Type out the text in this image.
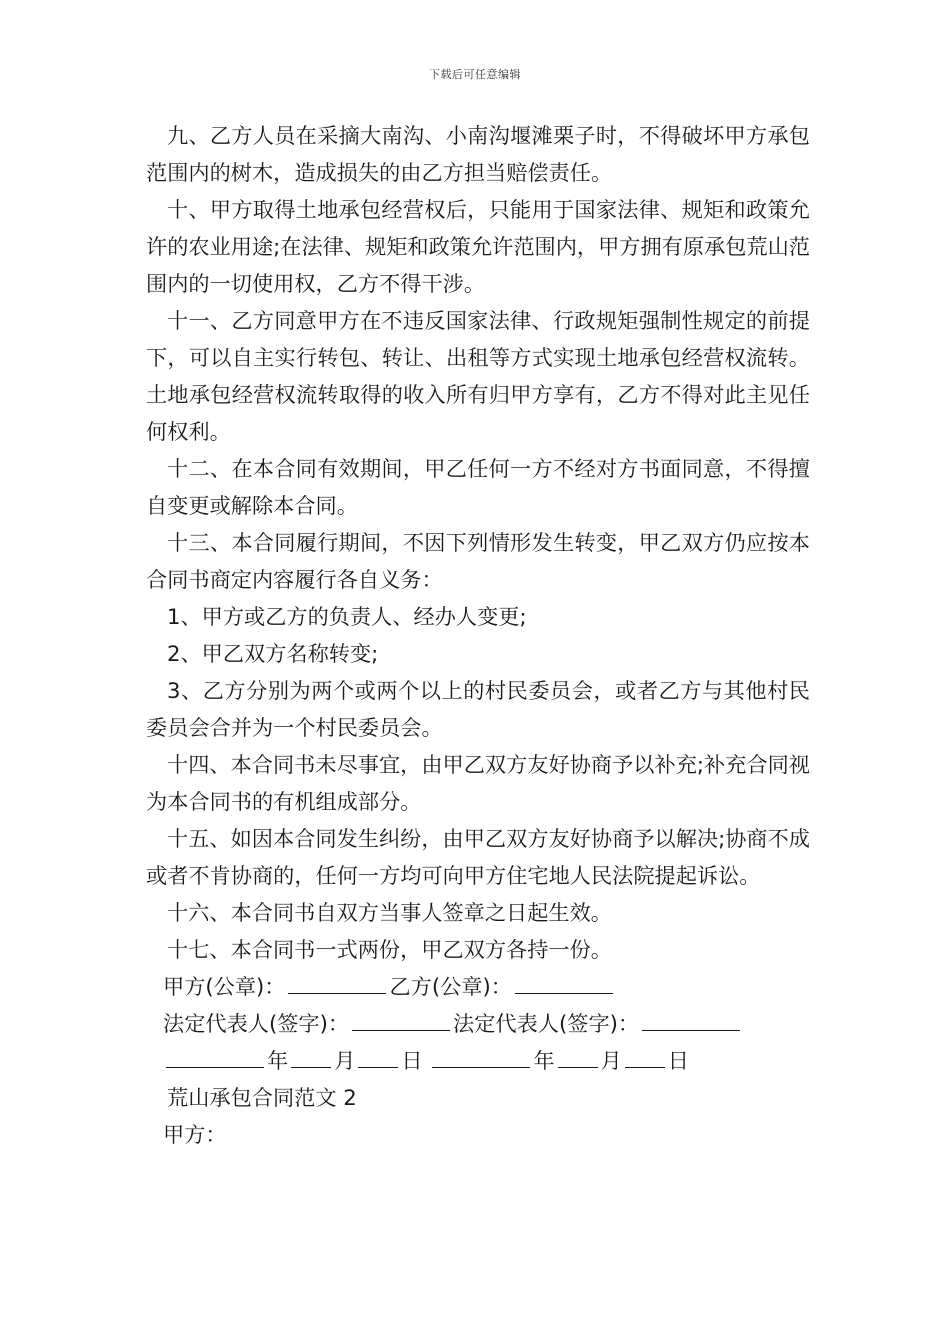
下载后可任意编辑

九、乙方人员在采摘大南沟、小南沟堰滩栗子时，不得破坏甲方承包范围内的树木，造成损失的由乙方担当赔偿责任。

十、甲方取得土地承包经营权后，只能用于国家法律、规矩和政策允许的农业用途;在法律、规矩和政策允许范围内，甲方拥有原承包荒山范围内的一切使用权，乙方不得干涉。

十一、乙方同意甲方在不违反国家法律、行政规矩强制性规定的前提下，可以自主实行转包、转让、出租等方式实现土地承包经营权流转。土地承包经营权流转取得的收入所有归甲方享有，乙方不得对此主见任何权利。

十二、在本合同有效期间，甲乙任何一方不经对方书面同意，不得擅自变更或解除本合同。

十三、本合同履行期间，不因下列情形发生转变，甲乙双方仍应按本合同书商定内容履行各自义务：

1、甲方或乙方的负责人、经办人变更;

2、甲乙双方名称转变;

3、乙方分别为两个或两个以上的村民委员会，或者乙方与其他村民委员会合并为一个村民委员会。

十四、本合同书未尽事宜，由甲乙双方友好协商予以补充;补充合同视为本合同书的有机组成部分。

十五、如因本合同发生纠纷，由甲乙双方友好协商予以解决;协商不成或者不肯协商的，任何一方均可向甲方住宅地人民法院提起诉讼。

十六、本合同书自双方当事人签章之日起生效。

十七、本合同书一式两份，甲乙双方各持一份。

甲方(公章)：	乙方(公章)：

法定代表人(签字)：	法定代表人(签字)：

年 月 日	年 月 日

荒山承包合同范文 2

甲方：
